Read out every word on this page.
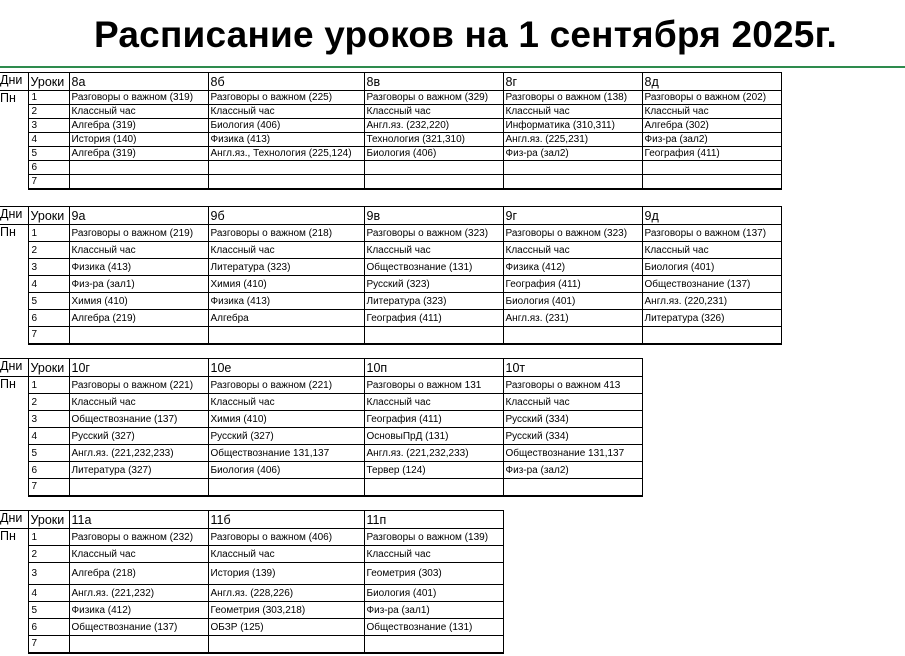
Расписание уроков на 1 сентября 2025г.
Дни	Уроки	8а	8б	8в	8г	8д
Пн	1	Разговоры о важном (319)	Разговоры о важном (225)	Разговоры о важном (329)	Разговоры о важном (138)	Разговоры о важном (202)
	2	Классный час	Классный час	Классный час	Классный час	Классный час
	3	Алгебра (319)	Биология (406)	Англ.яз. (232,220)	Информатика (310,311)	Алгебра (302)
	4	История (140)	Физика (413)	Технология (321,310)	Англ.яз. (225,231)	Физ-ра (зал2)
	5	Алгебра (319)	Англ.яз., Технология (225,124)	Биология (406)	Физ-ра (зал2)	География (411)
	6					
	7					
Дни	Уроки	9а	9б	9в	9г	9д
Пн	1	Разговоры о важном (219)	Разговоры о важном (218)	Разговоры о важном (323)	Разговоры о важном (323)	Разговоры о важном (137)
	2	Классный час	Классный час	Классный час	Классный час	Классный час
	3	Физика (413)	Литература (323)	Обществознание (131)	Физика (412)	Биология (401)
	4	Физ-ра (зал1)	Химия (410)	Русский (323)	География (411)	Обществознание (137)
	5	Химия (410)	Физика (413)	Литература (323)	Биология (401)	Англ.яз. (220,231)
	6	Алгебра (219)	Алгебра	География (411)	Англ.яз. (231)	Литература (326)
	7					
Дни	Уроки	10г	10е	10п	10т
Пн	1	Разговоры о важном (221)	Разговоры о важном (221)	Разговоры о важном 131	Разговоры о важном 413
	2	Классный час	Классный час	Классный час	Классный час
	3	Обществознание (137)	Химия (410)	География (411)	Русский (334)
	4	Русский (327)	Русский (327)	ОсновыПрД (131)	Русский (334)
	5	Англ.яз. (221,232,233)	Обществознание 131,137	Англ.яз. (221,232,233)	Обществознание 131,137
	6	Литература (327)	Биология (406)	Тервер (124)	Физ-ра (зал2)
	7				
Дни	Уроки	11а	11б	11п
Пн	1	Разговоры о важном (232)	Разговоры о важном (406)	Разговоры о важном (139)
	2	Классный час	Классный час	Классный час
	3	Алгебра (218)	История (139)	Геометрия (303)
	4	Англ.яз. (221,232)	Англ.яз. (228,226)	Биология (401)
	5	Физика (412)	Геометрия (303,218)	Физ-ра (зал1)
	6	Обществознание (137)	ОБЗР (125)	Обществознание (131)
	7			
